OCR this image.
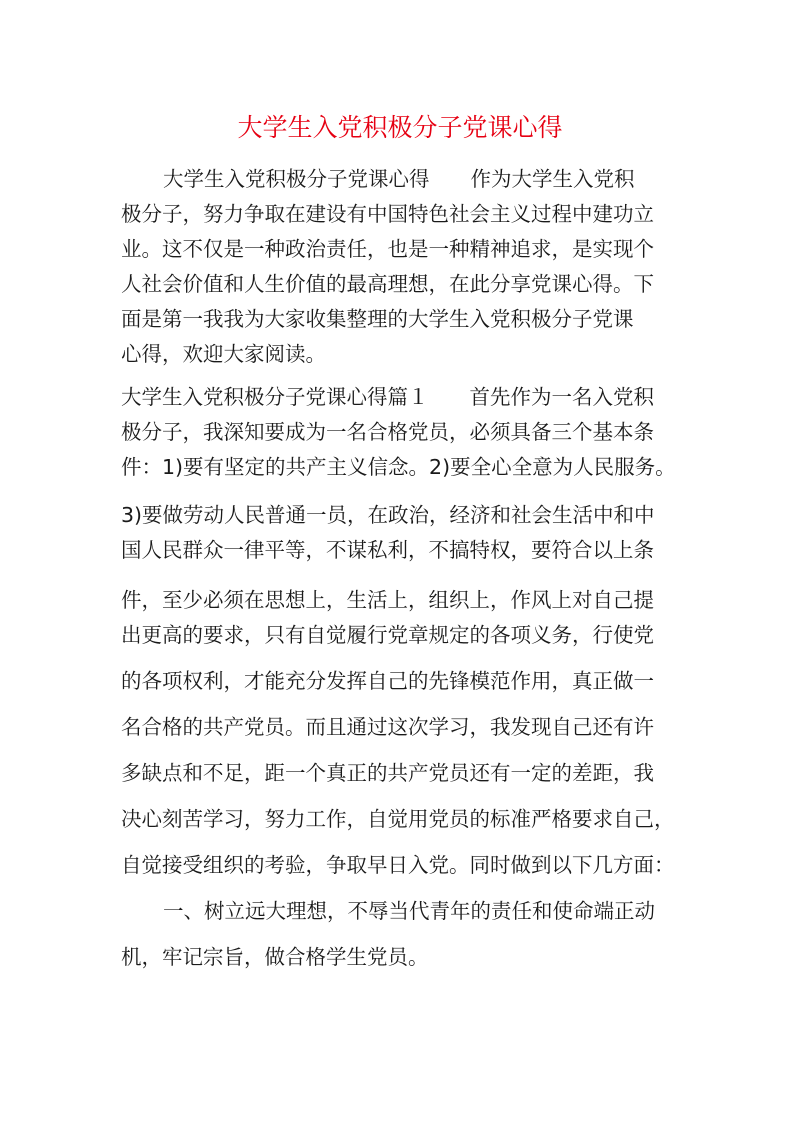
大学生入党积极分子党课心得
大学生入党积极分子党课心得　　作为大学生入党积
极分子，努力争取在建设有中国特色社会主义过程中建功立
业。这不仅是一种政治责任，也是一种精神追求，是实现个
人社会价值和人生价值的最高理想，在此分享党课心得。下
面是第一我我为大家收集整理的大学生入党积极分子党课
心得，欢迎大家阅读。
大学生入党积极分子党课心得篇１　　首先作为一名入党积
极分子，我深知要成为一名合格党员，必须具备三个基本条
件：1)要有坚定的共产主义信念。2)要全心全意为人民服务。
3)要做劳动人民普通一员，在政治，经济和社会生活中和中
国人民群众一律平等，不谋私利，不搞特权，要符合以上条
件，至少必须在思想上，生活上，组织上，作风上对自己提
出更高的要求，只有自觉履行党章规定的各项义务，行使党
的各项权利，才能充分发挥自己的先锋模范作用，真正做一
名合格的共产党员。而且通过这次学习，我发现自己还有许
多缺点和不足，距一个真正的共产党员还有一定的差距，我
决心刻苦学习，努力工作，自觉用党员的标准严格要求自己，
自觉接受组织的考验，争取早日入党。同时做到以下几方面：
一、树立远大理想，不辱当代青年的责任和使命端正动
机，牢记宗旨，做合格学生党员。
